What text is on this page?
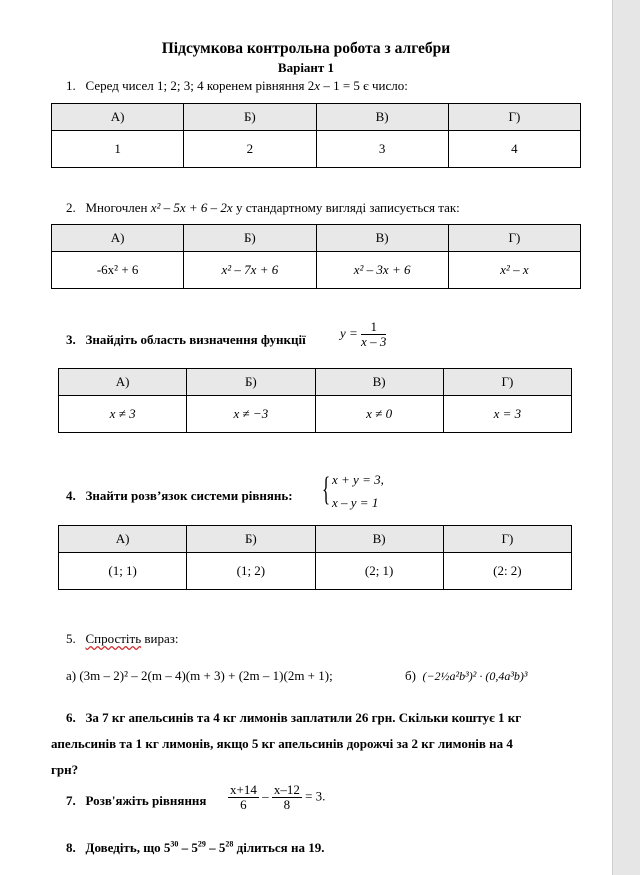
Підсумкова контрольна робота з алгебри
Варіант 1
1. Серед чисел 1; 2; 3; 4 коренем рівняння 2x – 1 = 5 є число:
А)	Б)	В)	Г)
1	2	3	4
2. Многочлен x² – 5x + 6 – 2x у стандартному вигляді записується так:
А)	Б)	В)	Г)
-6x² + 6	x² – 7x + 6	x² – 3x + 6	x² – x
3. Знайдіть область визначення функції	$y = \frac{1}{x - 3}$
А)	Б)	В)	Г)
x ≠ 3	x ≠ −3	x ≠ 0	x = 3
4. Знайти розв’язок системи рівнянь: { x + y = 3,
x – y = 1
А)	Б)	В)	Г)
(1; 1)	(1; 2)	(2; 1)	(2: 2)
5. Спростіть вираз:
а) (3m – 2)² – 2(m – 4)(m + 3) + (2m – 1)(2m + 1);	б) (−2½a²b³)² · (0,4a³b)³
6. За 7 кг апельсинів та 4 кг лимонів заплатили 26 грн. Скільки коштує 1 кг
апельсинів та 1 кг лимонів, якщо 5 кг апельсинів дорожчі за 2 кг лимонів на 4
грн?
7. Розв'яжіть рівняння $\frac{x+14}{6} - \frac{x-12}{8} = 3$.
8. Доведіть, що $5^{30} - 5^{29} - 5^{28}$ ділиться на 19.
